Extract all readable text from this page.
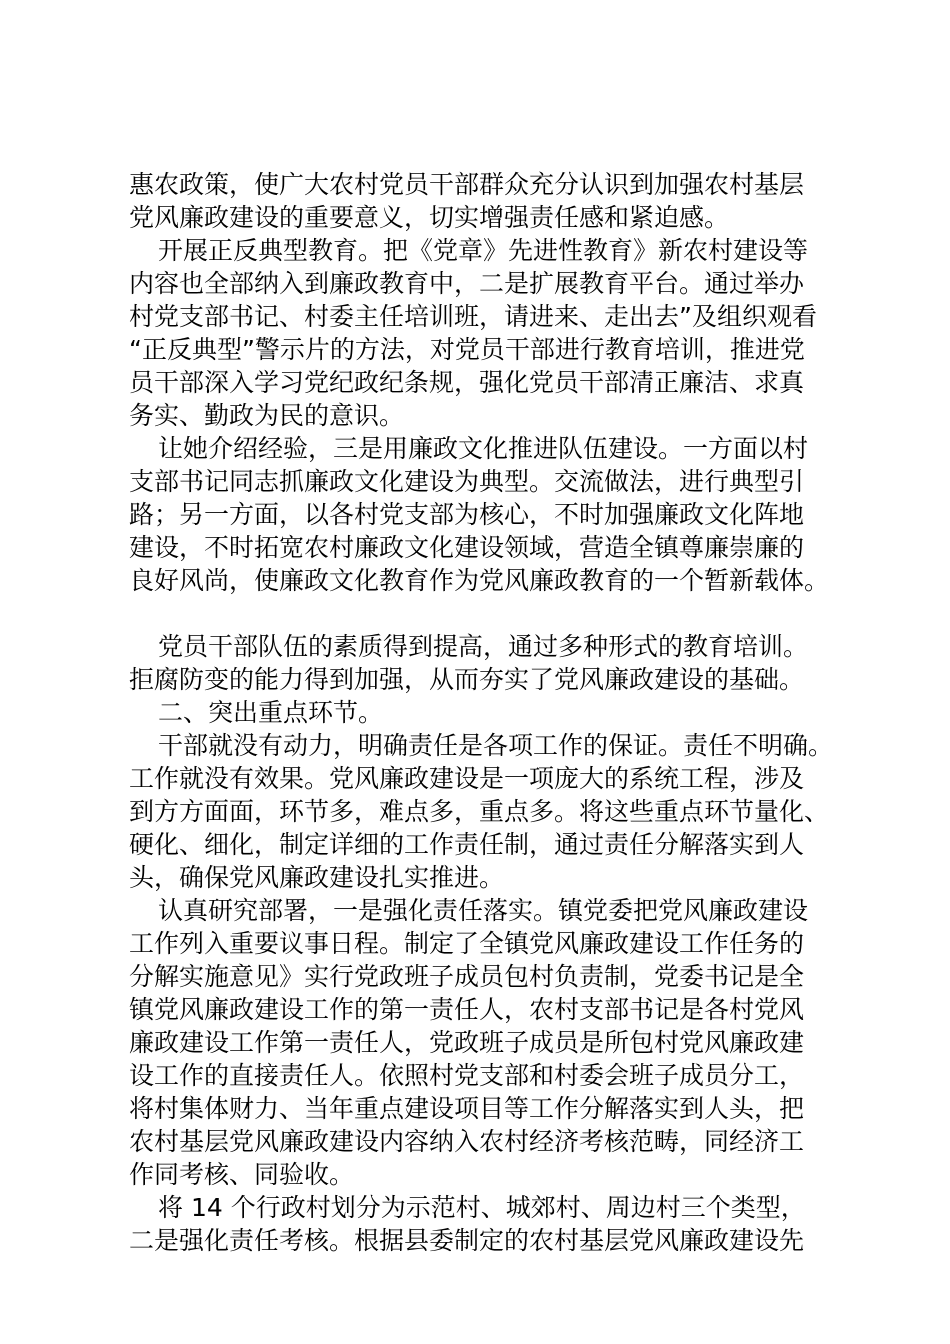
惠农政策，使广大农村党员干部群众充分认识到加强农村基层
党风廉政建设的重要意义，切实增强责任感和紧迫感。
开展正反典型教育。把《党章》先进性教育》新农村建设等
内容也全部纳入到廉政教育中，二是扩展教育平台。通过举办
村党支部书记、村委主任培训班，请进来、走出去”及组织观看
“正反典型”警示片的方法，对党员干部进行教育培训，推进党
员干部深入学习党纪政纪条规，强化党员干部清正廉洁、求真
务实、勤政为民的意识。
让她介绍经验，三是用廉政文化推进队伍建设。一方面以村
支部书记同志抓廉政文化建设为典型。交流做法，进行典型引
路；另一方面，以各村党支部为核心，不时加强廉政文化阵地
建设，不时拓宽农村廉政文化建设领域，营造全镇尊廉崇廉的
良好风尚，使廉政文化教育作为党风廉政教育的一个暂新载体。
党员干部队伍的素质得到提高，通过多种形式的教育培训。
拒腐防变的能力得到加强，从而夯实了党风廉政建设的基础。
二、突出重点环节。
干部就没有动力，明确责任是各项工作的保证。责任不明确。
工作就没有效果。党风廉政建设是一项庞大的系统工程，涉及
到方方面面，环节多，难点多，重点多。将这些重点环节量化、
硬化、细化，制定详细的工作责任制，通过责任分解落实到人
头，确保党风廉政建设扎实推进。
认真研究部署，一是强化责任落实。镇党委把党风廉政建设
工作列入重要议事日程。制定了全镇党风廉政建设工作任务的
分解实施意见》实行党政班子成员包村负责制，党委书记是全
镇党风廉政建设工作的第一责任人，农村支部书记是各村党风
廉政建设工作第一责任人，党政班子成员是所包村党风廉政建
设工作的直接责任人。依照村党支部和村委会班子成员分工，
将村集体财力、当年重点建设项目等工作分解落实到人头，把
农村基层党风廉政建设内容纳入农村经济考核范畴，同经济工
作同考核、同验收。
将 14 个行政村划分为示范村、城郊村、周边村三个类型，
二是强化责任考核。根据县委制定的农村基层党风廉政建设先
